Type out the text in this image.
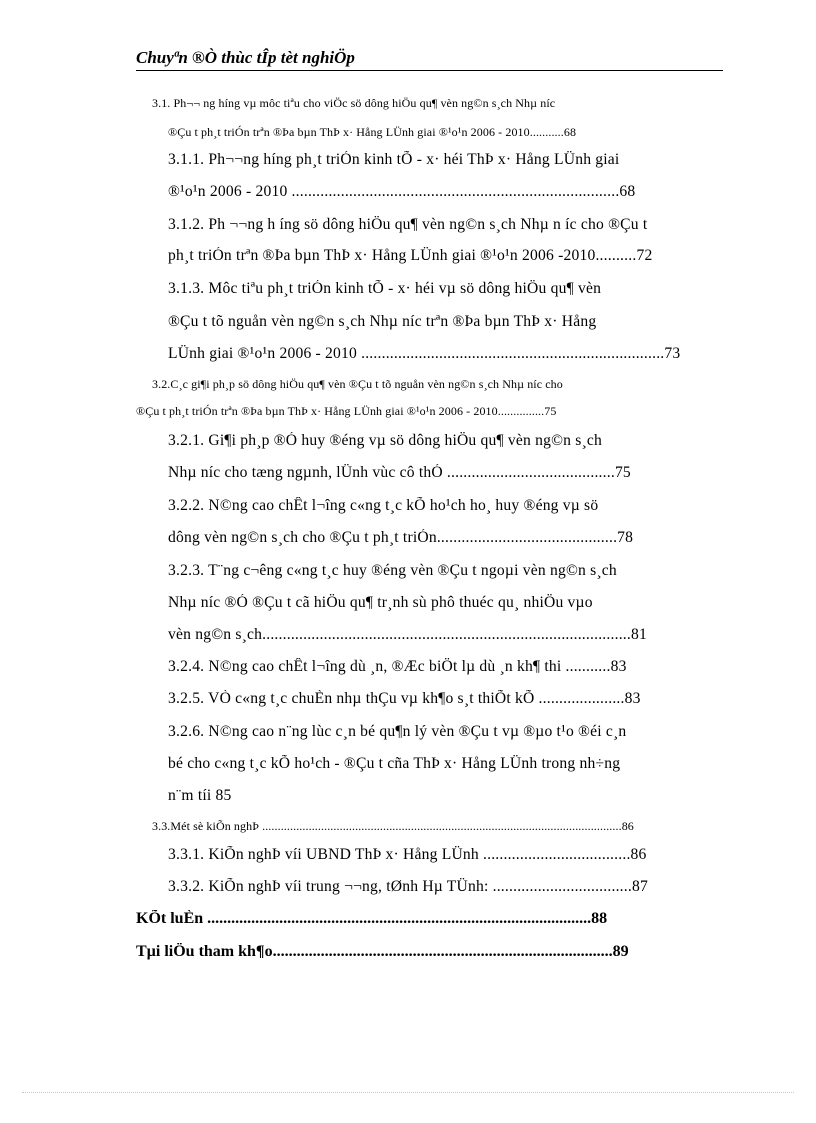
Chuyªn ®Ò thùc tÎp tèt nghiÖp
3.1. Ph¬¬ ng híng vµ môc tiªu cho viÖc sö dông hiÖu qu¶ vèn ng©n s¸ch Nhµ níc
®Çu t ph¸t triÓn trªn ®Þa bµn ThÞ x· Hång LÜnh giai ®¹o¹n 2006 - 2010...........68
3.1.1. Ph¬¬ng híng ph¸t triÓn kinh tÕ - x· héi ThÞ x· Hång LÜnh giai
®¹o¹n 2006 - 2010 ................................................................................68
3.1.2. Ph ¬¬ng h íng sö dông hiÖu qu¶ vèn ng©n s¸ch Nhµ n íc cho ®Çu t
ph¸t triÓn trªn ®Þa bµn ThÞ x· Hång LÜnh giai ®¹o¹n 2006 -2010..........72
3.1.3. Môc tiªu ph¸t triÓn kinh tÕ - x· héi vµ sö dông hiÖu qu¶ vèn
®Çu t tõ nguån vèn ng©n s¸ch Nhµ níc trªn ®Þa bµn ThÞ x· Hång
LÜnh giai ®¹o¹n 2006 - 2010 ..........................................................................73
3.2.C¸c gi¶i ph¸p sö dông hiÖu qu¶ vèn ®Çu t tõ nguån vèn ng©n s¸ch Nhµ níc cho
®Çu t ph¸t triÓn trªn ®Þa bµn ThÞ x· Hång LÜnh giai ®¹o¹n 2006 - 2010...............75
3.2.1. Gi¶i ph¸p ®Ó huy ®éng vµ sö dông hiÖu qu¶ vèn ng©n s¸ch
Nhµ níc cho tæng ngµnh, lÜnh vùc cô thÓ .........................................75
3.2.2. N©ng cao chÊt l¬îng c«ng t¸c kÕ ho¹ch ho¸ huy ®éng vµ sö
dông vèn ng©n s¸ch cho ®Çu t ph¸t triÓn............................................78
3.2.3. T¨ng c¬êng c«ng t¸c huy ®éng vèn ®Çu t ngoµi vèn ng©n s¸ch
Nhµ níc ®Ó ®Çu t cã hiÖu qu¶ tr¸nh sù phô thuéc qu¸ nhiÖu vµo
vèn ng©n s¸ch..........................................................................................81
3.2.4. N©ng cao chÊt l¬îng dù ¸n, ®Æc biÖt lµ dù ¸n kh¶ thi ...........83
3.2.5. VÒ c«ng t¸c chuÈn nhµ thÇu vµ kh¶o s¸t thiÕt kÕ .....................83
3.2.6. N©ng cao n¨ng lùc c¸n bé qu¶n lý vèn ®Çu t vµ ®µo t¹o ®éi c¸n
bé cho c«ng t¸c kÕ ho¹ch - ®Çu t cña ThÞ x· Hång LÜnh trong nh÷ng
n¨m tíi 85
3.3.Mét sè kiÕn nghÞ ....................................................................................................................86
3.3.1. KiÕn nghÞ víi UBND ThÞ x· Hång LÜnh ....................................86
3.3.2. KiÕn nghÞ víi trung ¬¬ng, tØnh Hµ TÜnh: ..................................87
KÕt luÈn ................................................................................................88
Tµi liÖu tham kh¶o.....................................................................................89
